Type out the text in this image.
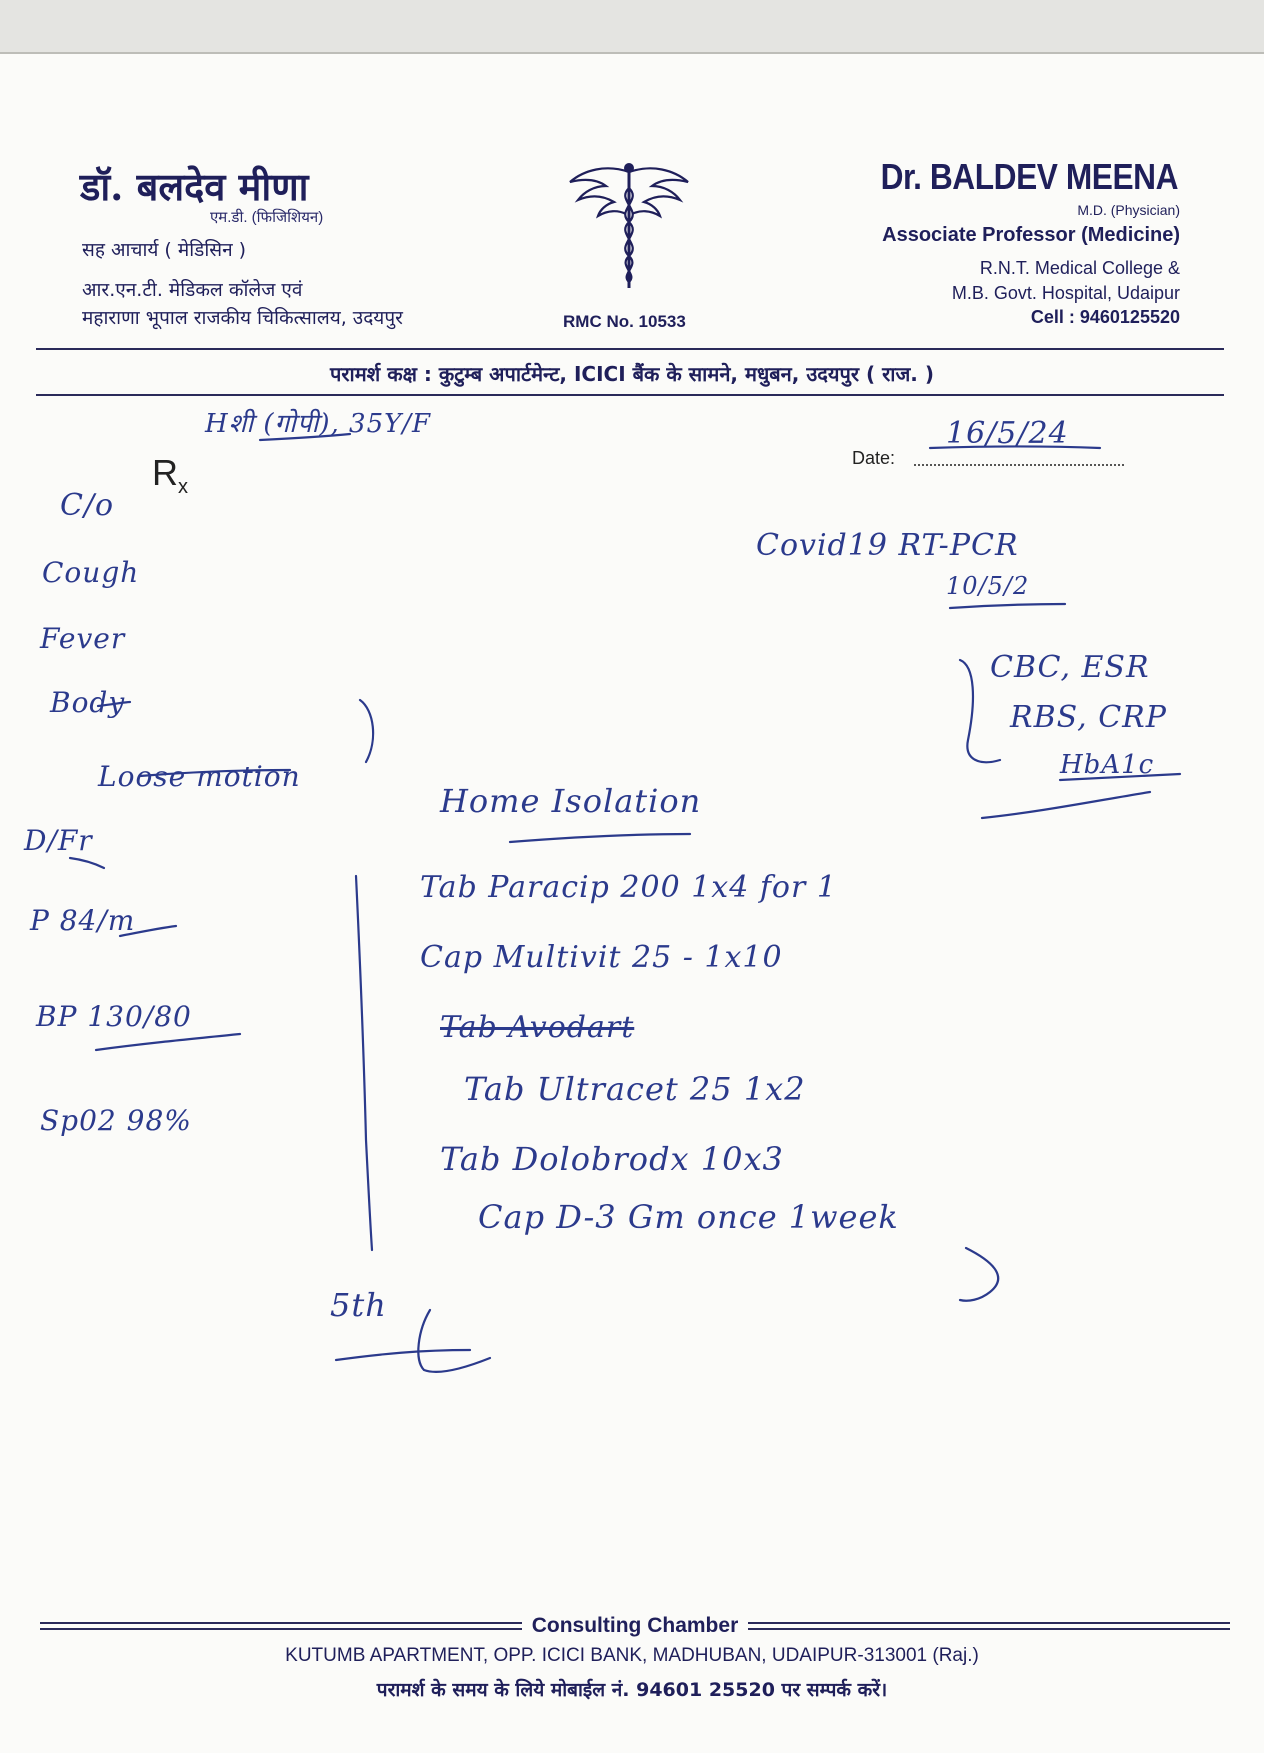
डॉ. बलदेव मीणा
एम.डी. (फिजिशियन)
सह आचार्य ( मेडिसिन )
आर.एन.टी. मेडिकल कॉलेज एवं
महाराणा भूपाल राजकीय चिकित्सालय, उदयपुर	RMC No. 10533
Dr. BALDEV MEENA
M.D. (Physician)
Associate Professor (Medicine)
R.N.T. Medical College &
M.B. Govt. Hospital, Udaipur
Cell : 9460125520
परामर्श कक्ष : कुटुम्ब अपार्टमेन्ट, ICICI बैंक के सामने, मधुबन, उदयपुर ( राज. )
$R_x$
Date:
Hशी (गोपी), 35Y/F	16/5/24
C/o
Cough
Fever
Body
Loose motion
D/Fr
P 84/m
BP 130/80
Sp02 98%
Covid19 RT-PCR
10/5/2
CBC, ESR
RBS, CRP
HbA1c
Home Isolation
Tab Paracip 200 1x4 for 1
Cap Multivit 25 - 1x10
Tab Avodart
Tab Ultracet 25 1x2
Tab Dolobrodx 10x3
Cap D-3 Gm once 1week
5th
Consulting Chamber
KUTUMB APARTMENT, OPP. ICICI BANK, MADHUBAN, UDAIPUR-313001 (Raj.)
परामर्श के समय के लिये मोबाईल नं. 94601 25520 पर सम्पर्क करें।
